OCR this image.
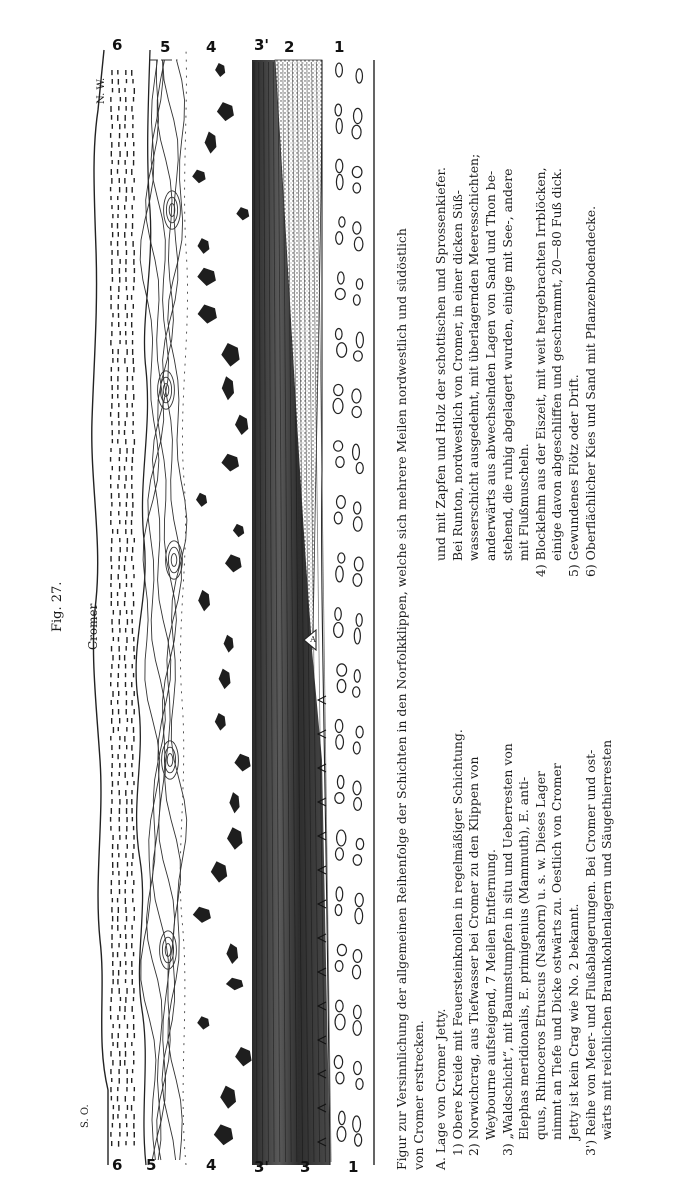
A
6	5 4	3' 2	1
6 5	4	3' 3	1
Fig. 27. Cromer
N. W.
S. O.	Figur zur Versinnlichung der allgemeinen Reihenfolge der Schichten in den Norfolkklippen, welche sich mehrere Meilen nordwestlich und südöstlich von Cromer erstrecken. A. Lage von Cromer Jetty. 1) Obere Kreide mit Feuersteinknollen in regelmäßiger Schichtung. 2) Norwichcrag, aus Tiefwasser bei Cromer zu den Klippen von Weybourne aufsteigend, 7 Meilen Entfernung. 3) „Waldschicht“, mit Baumstumpfen in situ und Ueberresten von Elephas meridionalis, E. primigenius (Mammuth), E. anti- quus, Rhinoceros Etruscus (Nashorn) u. s. w. Dieses Lager nimmt an Tiefe und Dicke ostwärts zu. Oestlich von Cromer Jetty ist kein Crag wie No. 2 bekannt. 3') Reihe von Meer- und Flußablagerungen. Bei Cromer und ost- wärts mit reichlichen Braunkohlenlagern und Säugethierresten

und mit Zapfen und Holz der schottischen und Sprossenkiefer. Bei Runton, nordwestlich von Cromer, in einer dicken Süß- wasserschicht ausgedehnt, mit überlagernden Meeresschichten; anderwärts aus abwechselnden Lagen von Sand und Thon be- stehend, die ruhig abgelagert wurden, einige mit See-, andere mit Flußmuscheln. 4) Blocklehm aus der Eiszeit, mit weit hergebrachten Irrblöcken, einige davon abgeschliffen und geschrammt, 20—80 Fuß dick. 5) Gewundenes Flötz oder Drift. 6) Oberflächlicher Kies und Sand mit Pflanzenbodendecke.
